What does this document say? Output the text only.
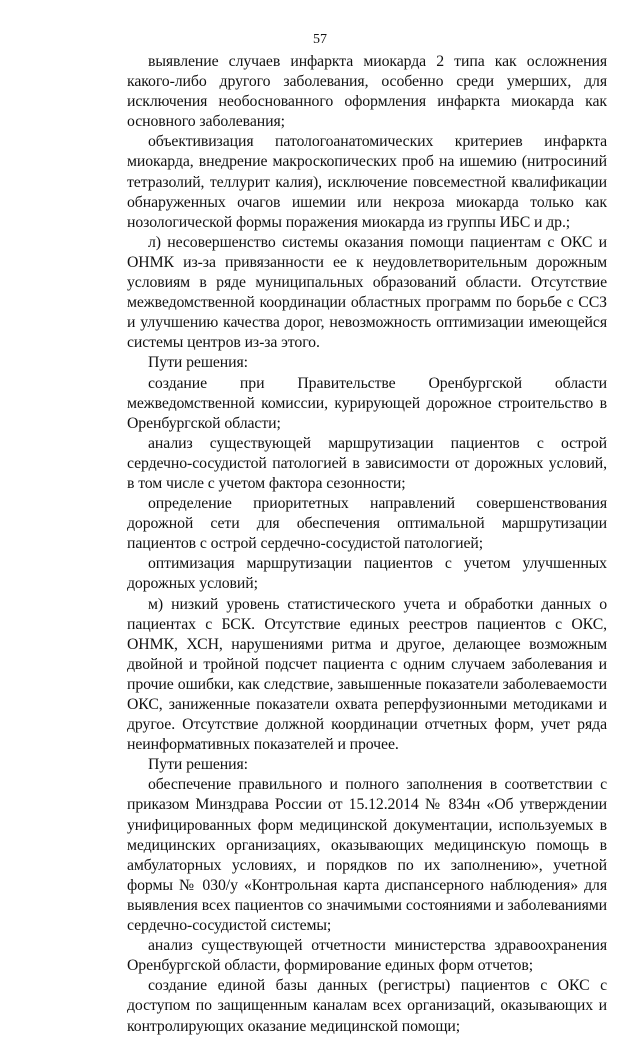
57

выявление случаев инфаркта миокарда 2 типа как осложнения какого-либо другого заболевания, особенно среди умерших, для исключения необоснованного оформления инфаркта миокарда как основного заболевания;

объективизация патологоанатомических критериев инфаркта миокарда, внедрение макроскопических проб на ишемию (нитросиний тетразолий, теллурит калия), исключение повсеместной квалификации обнаруженных очагов ишемии или некроза миокарда только как нозологической формы поражения миокарда из группы ИБС и др.;

л) несовершенство системы оказания помощи пациентам с ОКС и ОНМК из-за привязанности ее к неудовлетворительным дорожным условиям в ряде муниципальных образований области. Отсутствие межведомственной координации областных программ по борьбе с ССЗ и улучшению качества дорог, невозможность оптимизации имеющейся системы центров из-за этого.

Пути решения:

создание при Правительстве Оренбургской области межведомственной комиссии, курирующей дорожное строительство в Оренбургской области;

анализ существующей маршрутизации пациентов с острой сердечно-сосудистой патологией в зависимости от дорожных условий, в том числе с учетом фактора сезонности;

определение приоритетных направлений совершенствования дорожной сети для обеспечения оптимальной маршрутизации пациентов с острой сердечно-сосудистой патологией;

оптимизация маршрутизации пациентов с учетом улучшенных дорожных условий;

м) низкий уровень статистического учета и обработки данных о пациентах с БСК. Отсутствие единых реестров пациентов с ОКС, ОНМК, ХСН, нарушениями ритма и другое, делающее возможным двойной и тройной подсчет пациента с одним случаем заболевания и прочие ошибки, как следствие, завышенные показатели заболеваемости ОКС, заниженные показатели охвата реперфузионными методиками и другое. Отсутствие должной координации отчетных форм, учет ряда неинформативных показателей и прочее.

Пути решения:

обеспечение правильного и полного заполнения в соответствии с приказом Минздрава России от 15.12.2014 № 834н «Об утверждении унифицированных форм медицинской документации, используемых в медицинских организациях, оказывающих медицинскую помощь в амбулаторных условиях, и порядков по их заполнению», учетной формы № 030/у «Контрольная карта диспансерного наблюдения» для выявления всех пациентов со значимыми состояниями и заболеваниями сердечно-сосудистой системы;

анализ существующей отчетности министерства здравоохранения Оренбургской области, формирование единых форм отчетов;

создание единой базы данных (регистры) пациентов с ОКС с доступом по защищенным каналам всех организаций, оказывающих и контролирующих оказание медицинской помощи;
